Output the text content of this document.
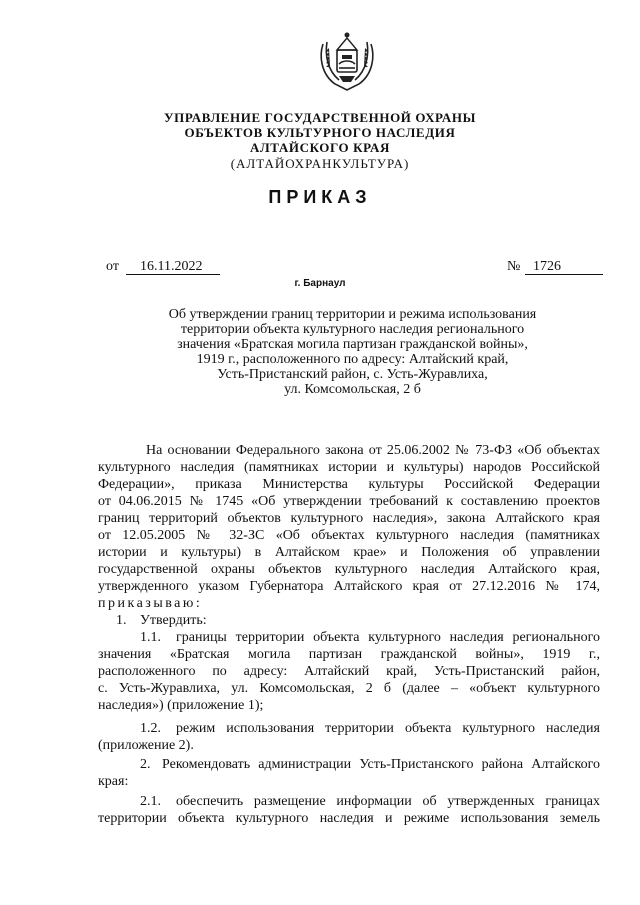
УПРАВЛЕНИЕ ГОСУДАРСТВЕННОЙ ОХРАНЫ
ОБЪЕКТОВ КУЛЬТУРНОГО НАСЛЕДИЯ
АЛТАЙСКОГО КРАЯ
(АЛТАЙОХРАНКУЛЬТУРА)
ПРИКАЗ
от 16.11.2022	№ 1726
г. Барнаул
Об утверждении границ территории и режима использования
территории объекта культурного наследия регионального
значения «Братская могила партизан гражданской войны»,
1919 г., расположенного по адресу: Алтайский край,
Усть-Пристанский район, с. Усть-Журавлиха,
ул. Комсомольская, 2 б
На основании Федерального закона от 25.06.2002 № 73-ФЗ «Об объектах
культурного наследия (памятниках истории и культуры) народов Российской
Федерации», приказа Министерства культуры Российской Федерации
от 04.06.2015 № 1745 «Об утверждении требований к составлению проектов
границ территорий объектов культурного наследия», закона Алтайского края
от 12.05.2005 № 32-ЗС «Об объектах культурного наследия (памятниках
истории и культуры) в Алтайском крае» и Положения об управлении
государственной охраны объектов культурного наследия Алтайского края,
утвержденного указом Губернатора Алтайского края от 27.12.2016 № 174,
приказываю:
1. Утвердить:
1.1. границы территории объекта культурного наследия регионального
значения «Братская могила партизан гражданской войны», 1919 г.,
расположенного по адресу: Алтайский край, Усть-Пристанский район,
с. Усть-Журавлиха, ул. Комсомольская, 2 б (далее – «объект культурного
наследия») (приложение 1);
1.2. режим использования территории объекта культурного наследия
(приложение 2).
2. Рекомендовать администрации Усть-Пристанского района Алтайского
края:
2.1. обеспечить размещение информации об утвержденных границах
территории объекта культурного наследия и режиме использования земель
